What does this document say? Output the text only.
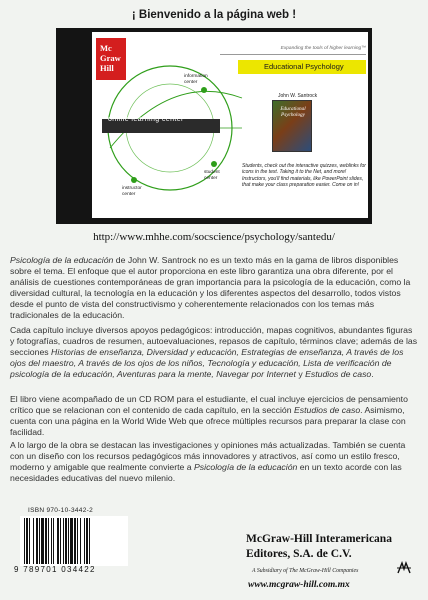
¡ Bienvenido a la página web !
Mc
Graw
Hill
Expanding the tools of higher learning™
Educational Psychology
John W. Santrock
Educational
Psychology
online learning center
information
center
student
center
instructor
center
Students, check out the interactive quizzes, weblinks for icons in the text. Taking it to the Net, and more! Instructors, you'll find materials, like PowerPoint slides, that make your class preparation easier. Come on in!
http://www.mhhe.com/socscience/psychology/santedu/

Psicología de la educación de John W. Santrock no es un texto más en la gama de libros disponibles sobre el tema. El enfoque que el autor proporciona en este libro garantiza una obra diferente, por el análisis de cuestiones contemporáneas de gran importancia para la psicología de la educación, como la diversidad cultural, la tecnología en la educación y los diferentes aspectos del desarrollo, todos vistos desde el punto de vista del constructivismo y coherentemente relacionados con los temas más tradicionales de la educación.

Cada capítulo incluye diversos apoyos pedagógicos: introducción, mapas cognitivos, abundantes figuras y fotografías, cuadros de resumen, autoevaluaciones, repasos de capítulo, términos clave; además de las secciones Historias de enseñanza, Diversidad y educación, Estrategias de enseñanza, A través de los ojos del maestro, A través de los ojos de los niños, Tecnología y educación, Lista de verificación de psicología de la educación, Aventuras para la mente, Navegar por Internet y Estudios de caso.

El libro viene acompañado de un CD ROM para el estudiante, el cual incluye ejercicios de pensamiento crítico que se relacionan con el contenido de cada capítulo, en la sección Estudios de caso. Asimismo, cuenta con una página en la World Wide Web que ofrece múltiples recursos para preparar la clase con facilidad.

A lo largo de la obra se destacan las investigaciones y opiniones más actualizadas. También se cuenta con un diseño con los recursos pedagógicos más innovadores y atractivos, así como un estilo fresco, moderno y amigable que realmente convierte a Psicología de la educación en un texto acorde con las necesidades educativas del nuevo milenio.

ISBN 970-10-3442-2
9 789701 034422
McGraw-Hill Interamericana
Editores, S.A. de C.V.
A Subsidiary of The McGraw-Hill Companies
www.mcgraw-hill.com.mx
